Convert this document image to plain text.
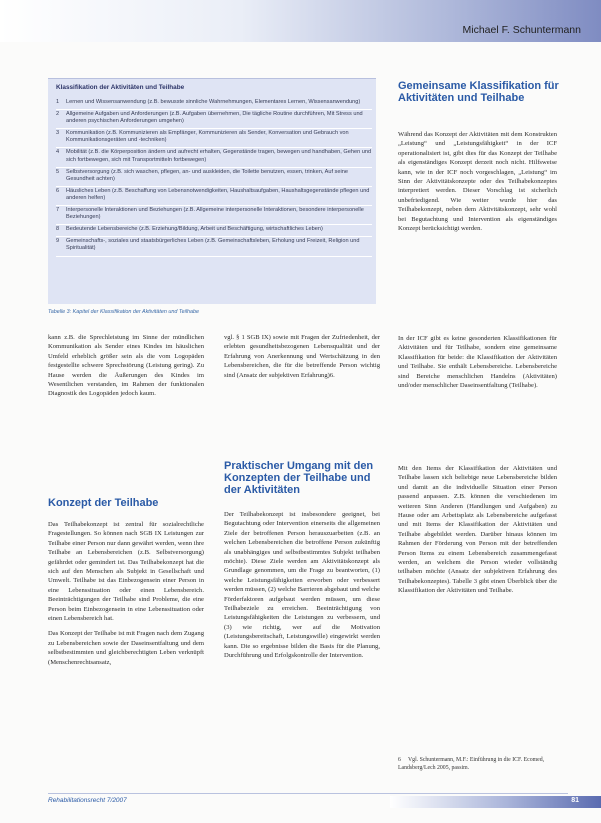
Michael F. Schuntermann
Klassifikation der Aktivitäten und Teilhabe
1	Lernen und Wissensanwendung (z.B. bewusste sinnliche Wahrnehmungen, Elementares Lernen, Wissensanwendung)
2	Allgemeine Aufgaben und Anforderungen (z.B. Aufgaben übernehmen, Die tägliche Routine durchführen, Mit Stress und anderen psychischen Anforderungen umgehen)
3	Kommunikation (z.B. Kommunizieren als Empfänger, Kommunizieren als Sender, Konversation und Gebrauch von Kommunikationsgeräten und -techniken)
4	Mobilität (z.B. die Körperposition ändern und aufrecht erhalten, Gegenstände tragen, bewegen und handhaben, Gehen und sich fortbewegen, sich mit Transportmitteln fortbewegen)
5	Selbstversorgung (z.B. sich waschen, pflegen, an- und auskleiden, die Toilette benutzen, essen, trinken, Auf seine Gesundheit achten)
6	Häusliches Leben (z.B. Beschaffung von Lebensnotwendigkeiten, Haushaltsaufgaben, Haushaltsgegenstände pflegen und anderen helfen)
7	Interpersonelle Interaktionen und Beziehungen (z.B. Allgemeine interpersonelle Interaktionen, besondere interpersonelle Beziehungen)
8	Bedeutende Lebensbereiche (z.B. Erziehung/Bildung, Arbeit und Beschäftigung, wirtschaftliches Leben)
9	Gemeinschafts-, soziales und staatsbürgerliches Leben (z.B. Gemeinschaftsleben, Erholung und Freizeit, Religion und Spiritualität)
Tabelle 3: Kapitel der Klassifikation der Aktivitäten und Teilhabe

kann z.B. die Sprechleistung im Sinne der mündlichen Kommunikation als Sender eines Kindes im häuslichen Umfeld erheblich größer sein als die vom Logopäden festgestellte schwere Sprechstörung (Leistung gering). Zu Hause werden die Äußerungen des Kindes im Wesentlichen verstanden, im Rahmen der funktionalen Diagnostik des Logopäden jedoch kaum.

Konzept der Teilhabe

Das Teilhabekonzept ist zentral für sozialrechtliche Fragestellungen. So können nach SGB IX Leistungen zur Teilhabe einer Person nur dann gewährt werden, wenn ihre Teilhabe an Lebensbereichen (z.B. Selbstversorgung) gefährdet oder gemindert ist. Das Teilhabekonzept hat die sich auf den Menschen als Subjekt in Gesellschaft und Umwelt. Teilhabe ist das Einbezogensein einer Person in eine Lebenssituation oder einen Lebensbereich. Beeinträchtigungen der Teilhabe sind Probleme, die eine Person beim Einbezogensein in eine Lebenssituation oder einen Lebensbereich hat.

Das Konzept der Teilhabe ist mit Fragen nach dem Zugang zu Lebensbereichen sowie der Daseinsentfaltung und dem selbstbestimmten und gleichberechtigten Leben verknüpft (Menschenrechtsansatz,

vgl. § 1 SGB IX) sowie mit Fragen der Zufriedenheit, der erlebten gesundheitsbezogenen Lebensqualität und der Erfahrung von Anerkennung und Wertschätzung in den Lebensbereichen, die für die betreffende Person wichtig sind (Ansatz der subjektiven Erfahrung)6.

Praktischer Umgang mit den Konzepten der Teilhabe und der Aktivitäten

Der Teilhabekonzept ist insbesondere geeignet, bei Begutachtung oder Intervention einerseits die allgemeinen Ziele der betroffenen Person herauszuarbeiten (z.B. an welchen Lebensbereichen die betroffene Person zukünftig als unabhängiges und selbstbestimmtes Subjekt teilhaben möchte). Diese Ziele werden am Aktivitätskonzept als Grundlage genommen, um die Frage zu beantworten, (1) welche Leistungsfähigkeiten erworben oder verbessert werden müssen, (2) welche Barrieren abgebaut und welche Förderfaktoren aufgebaut werden müssen, um diese Teilhabeziele zu erreichen. Beeinträchtigung von Leistungsfähigkeiten die Leistungen zu verbessern, und (3) wie richtig, wer auf die Motivation (Leistungsbereitschaft, Leistungswille) eingewirkt werden kann. Die so ergebnisse bilden die Basis für die Planung, Durchführung und Erfolgskontrolle der Intervention.

Gemeinsame Klassifikation für Aktivitäten und Teilhabe

Während das Konzept der Aktivitäten mit dem Konstrukten „Leistung“ und „Leistungsfähigkeit“ in der ICF operationalisiert ist, gibt dies für das Konzept der Teilhabe als eigenständiges Konzept derzeit noch nicht. Hilfsweise kann, wie in der ICF noch vorgeschlagen, „Leistung“ im Sinn der Aktivitätskonzepte oder des Teilhabekonzeptes interpretiert werden. Dieser Vorschlag ist sicherlich unbefriedigend. Wie weiter wurde hier das Teilhabekonzept, neben dem Aktivitätskonzept, sehr wohl bei Begutachtung und Intervention als eigenständiges Konzept berücksichtigt werden.

In der ICF gibt es keine gesonderten Klassifikationen für Aktivitäten und für Teilhabe, sondern eine gemeinsame Klassifikation für beide: die Klassifikation der Aktivitäten und Teilhabe. Sie enthält Lebensbereiche. Lebensbereiche sind Bereiche menschlichen Handelns (Aktivitäten) und/oder menschlicher Daseinsentfaltung (Teilhabe).

Mit den Items der Klassifikation der Aktivitäten und Teilhabe lassen sich beliebige neue Lebensbereiche bilden und damit an die individuelle Situation einer Person passend anpassen. Z.B. können die verschiedenen im weiteren Sinn Anderen (Handlungen und Aufgaben) zu Hause oder am Arbeitsplatz als Lebensbereiche aufgefasst und mit Items der Klassifikation der Aktivitäten und Teilhabe abgebildet werden. Darüber hinaus können im Rahmen der Förderung von Person mit der betreffenden Person Items zu einem Lebensbereich zusammengefasst werden, an welchem die Person wieder vollständig teilhaben möchte (Ansatz der subjektiven Erfahrung des Teilhabekonzeptes). Tabelle 3 gibt einen Überblick über die Klassifikation der Aktivitäten und Teilhabe.

6 Vgl. Schuntermann, M.F.: Einführung in die ICF. Ecomed, Landsberg/Lech 2005, passim.
Rehabilitationsrecht 7/2007	81
